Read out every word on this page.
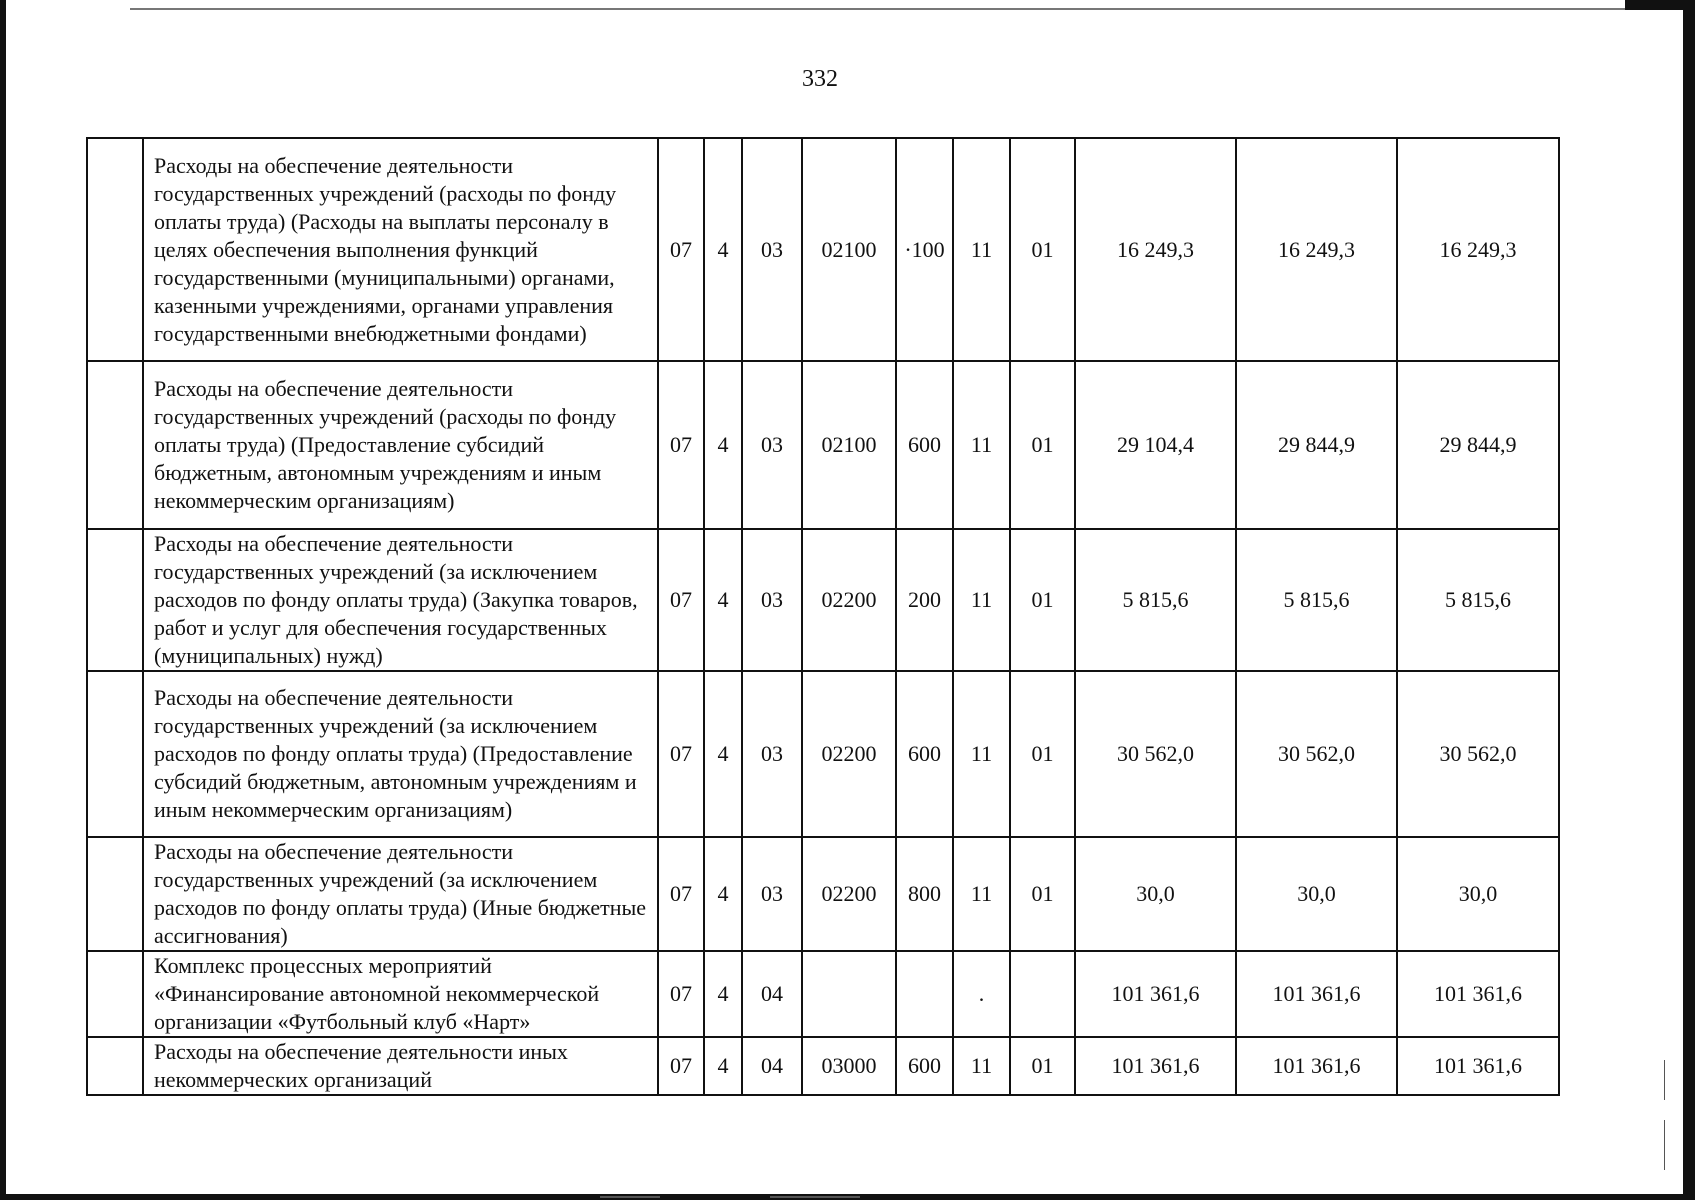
332
	Расходы на обеспечение деятельности государственных учреждений (расходы по фонду оплаты труда) (Расходы на выплаты персоналу в целях обеспечения выполнения функций государственными (муниципальными) органами, казенными учреждениями, органами управления государственными внебюджетными фондами)	07	4	03	02100	·100	11	01	16 249,3	16 249,3	16 249,3
	Расходы на обеспечение деятельности государственных учреждений (расходы по фонду оплаты труда) (Предоставление субсидий бюджетным, автономным учреждениям и иным некоммерческим организациям)	07	4	03	02100	600	11	01	29 104,4	29 844,9	29 844,9
	Расходы на обеспечение деятельности государственных учреждений (за исключением расходов по фонду оплаты труда) (Закупка товаров, работ и услуг для обеспечения государственных (муниципальных) нужд)	07	4	03	02200	200	11	01	5 815,6	5 815,6	5 815,6
	Расходы на обеспечение деятельности государственных учреждений (за исключением расходов по фонду оплаты труда) (Предоставление субсидий бюджетным, автономным учреждениям и иным некоммерческим организациям)	07	4	03	02200	600	11	01	30 562,0	30 562,0	30 562,0
	Расходы на обеспечение деятельности государственных учреждений (за исключением расходов по фонду оплаты труда) (Иные бюджетные ассигнования)	07	4	03	02200	800	11	01	30,0	30,0	30,0
	Комплекс процессных мероприятий «Финансирование автономной некоммерческой организации «Футбольный клуб «Нарт»	07	4	04			.		101 361,6	101 361,6	101 361,6
	Расходы на обеспечение деятельности иных некоммерческих организаций	07	4	04	03000	600	11	01	101 361,6	101 361,6	101 361,6
